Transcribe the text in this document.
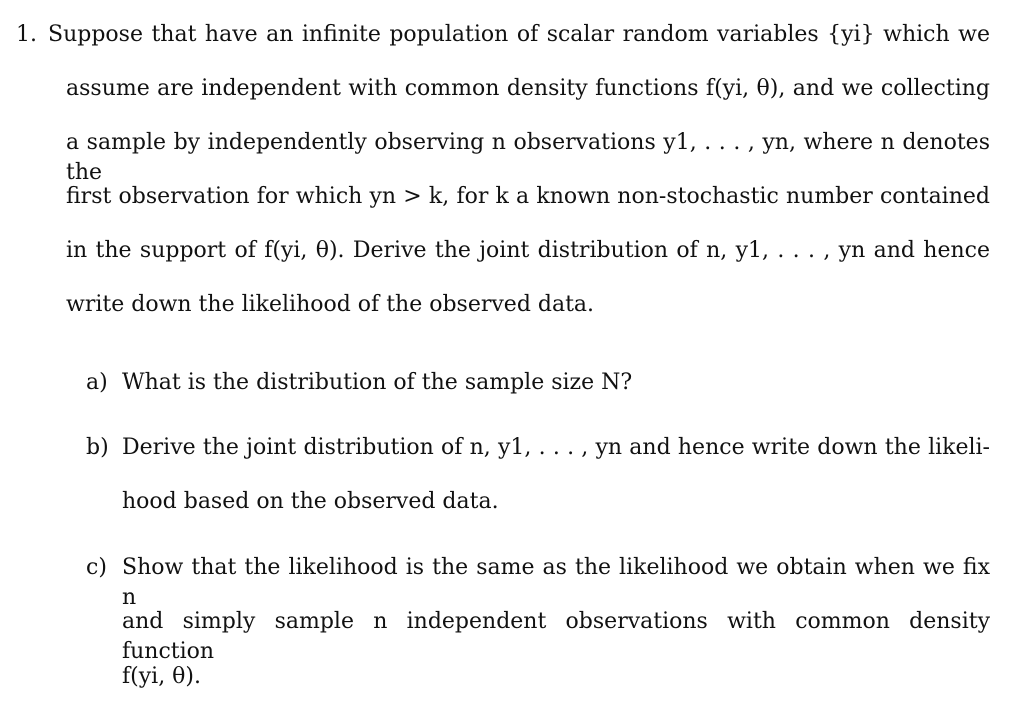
1. Suppose that have an infinite population of scalar random variables {yi} which we
assume are independent with common density functions f(yi, θ), and we collecting
a sample by independently observing n observations y1, . . . , yn, where n denotes the
first observation for which yn > k, for k a known non-stochastic number contained
in the support of f(yi, θ). Derive the joint distribution of n, y1, . . . , yn and hence
write down the likelihood of the observed data.
a) What is the distribution of the sample size N?
b) Derive the joint distribution of n, y1, . . . , yn and hence write down the likeli-
hood based on the observed data.
c) Show that the likelihood is the same as the likelihood we obtain when we fix n
and simply sample n independent observations with common density function
f(yi, θ).
